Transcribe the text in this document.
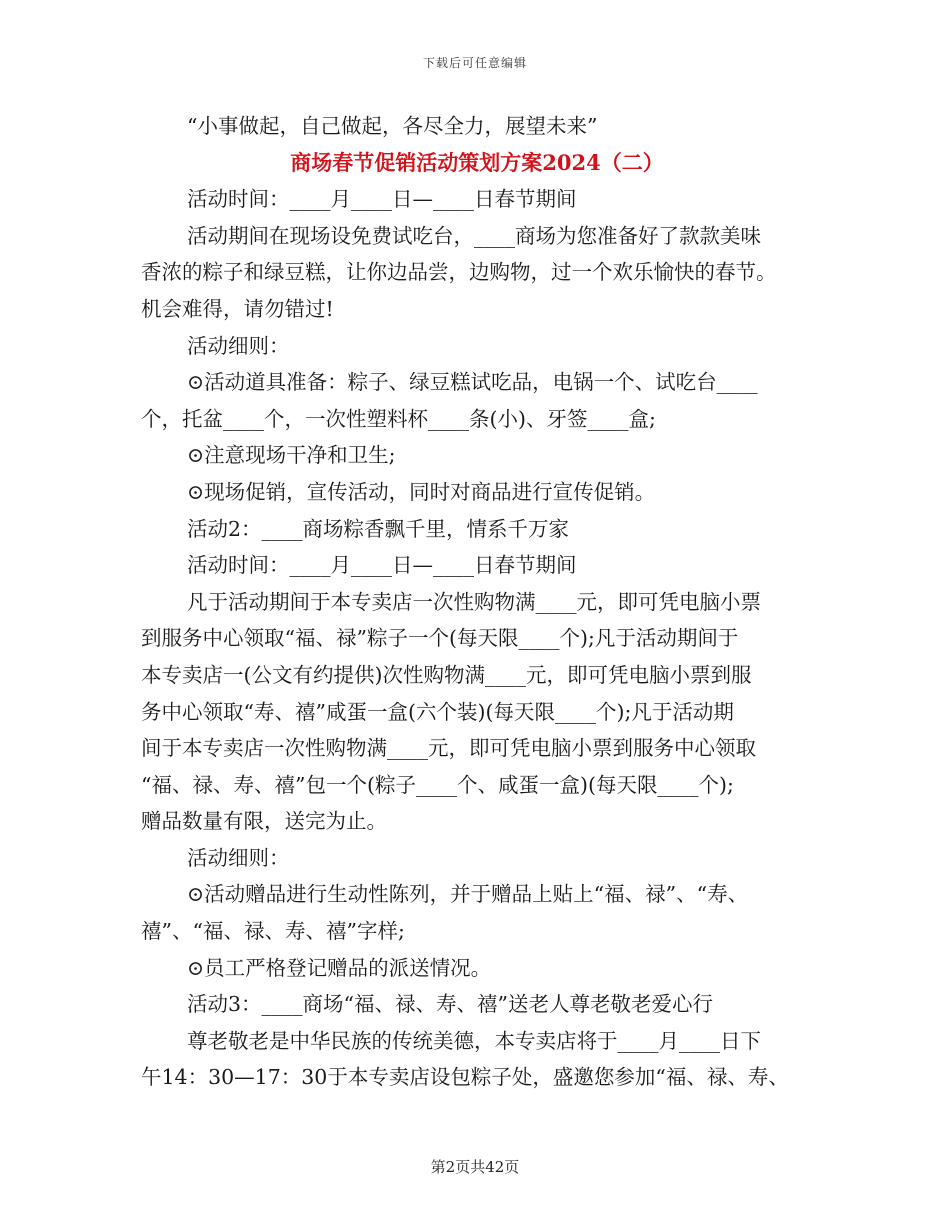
下载后可任意编辑
“小事做起，自己做起，各尽全力，展望未来”
商场春节促销活动策划方案2024（二）
活动时间：____月____日—____日春节期间
活动期间在现场设免费试吃台，____商场为您准备好了款款美味
香浓的粽子和绿豆糕，让你边品尝，边购物，过一个欢乐愉快的春节。
机会难得，请勿错过!
活动细则：
⊙活动道具准备：粽子、绿豆糕试吃品，电锅一个、试吃台____
个，托盆____个，一次性塑料杯____条(小)、牙签____盒;
⊙注意现场干净和卫生;
⊙现场促销，宣传活动，同时对商品进行宣传促销。
活动2：____商场粽香飘千里，情系千万家
活动时间：____月____日—____日春节期间
凡于活动期间于本专卖店一次性购物满____元，即可凭电脑小票
到服务中心领取“福、禄”粽子一个(每天限____个);凡于活动期间于
本专卖店一(公文有约提供)次性购物满____元，即可凭电脑小票到服
务中心领取“寿、禧”咸蛋一盒(六个装)(每天限____个);凡于活动期
间于本专卖店一次性购物满____元，即可凭电脑小票到服务中心领取
“福、禄、寿、禧”包一个(粽子____个、咸蛋一盒)(每天限____个);
赠品数量有限，送完为止。
活动细则：
⊙活动赠品进行生动性陈列，并于赠品上贴上“福、禄”、“寿、
禧”、“福、禄、寿、禧”字样;
⊙员工严格登记赠品的派送情况。
活动3：____商场“福、禄、寿、禧”送老人尊老敬老爱心行
尊老敬老是中华民族的传统美德，本专卖店将于____月____日下
午14：30—17：30于本专卖店设包粽子处，盛邀您参加“福、禄、寿、
第2页共42页
